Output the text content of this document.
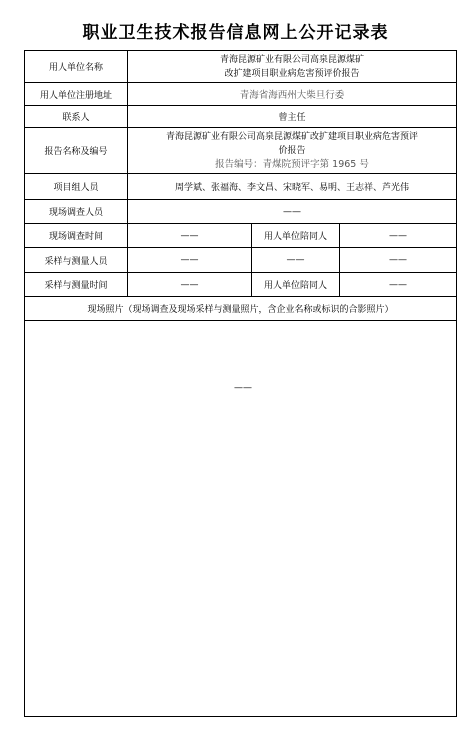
职业卫生技术报告信息网上公开记录表
用人单位名称	青海昆源矿业有限公司高泉昆源煤矿
改扩建项目职业病危害预评价报告		

用人单位注册地址	青海省海西州大柴旦行委		
联系人	曾主任		
报告名称及编号	青海昆源矿业有限公司高泉昆源煤矿改扩建项目职业病危害预评
价报告
报告编号：青煤院预评字第 1965 号		

项目组人员	周学斌、张福海、李文昌、宋晓军、易明、王志祥、芦光伟		
现场调查人员	——		
现场调查时间	——	用人单位陪同人	——
采样与测量人员	——	——	——
采样与测量时间	——	用人单位陪同人	——
现场照片（现场调查及现场采样与测量照片，含企业名称或标识的合影照片）			

——			
